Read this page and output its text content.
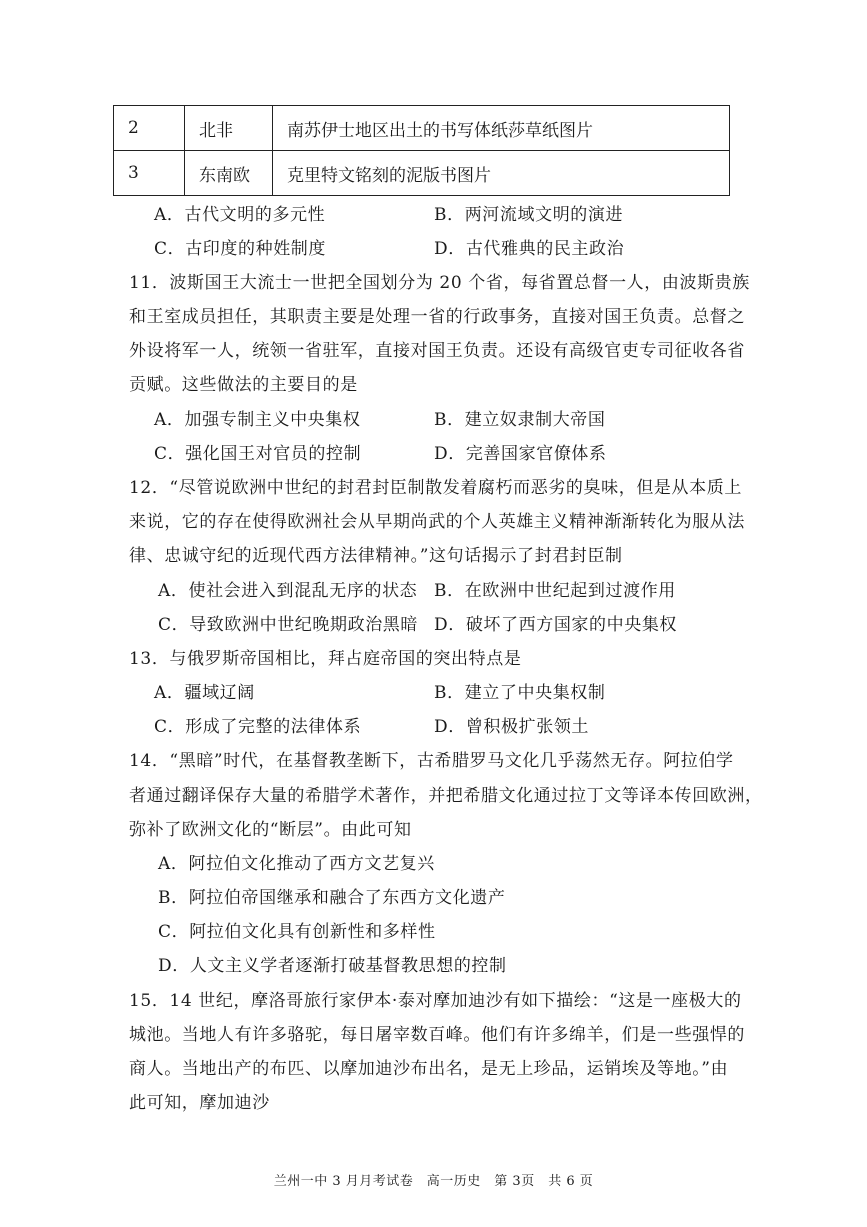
2	北非	南苏伊士地区出土的书写体纸莎草纸图片
3	东南欧	克里特文铭刻的泥版书图片
A．古代文明的多元性	B．两河流域文明的演进
C．古印度的种姓制度	D．古代雅典的民主政治
11．波斯国王大流士一世把全国划分为 20 个省，每省置总督一人，由波斯贵族
和王室成员担任，其职责主要是处理一省的行政事务，直接对国王负责。总督之
外设将军一人，统领一省驻军，直接对国王负责。还设有高级官吏专司征收各省
贡赋。这些做法的主要目的是
A．加强专制主义中央集权	B．建立奴隶制大帝国
C．强化国王对官员的控制	D．完善国家官僚体系
12．“尽管说欧洲中世纪的封君封臣制散发着腐朽而恶劣的臭味，但是从本质上
来说，它的存在使得欧洲社会从早期尚武的个人英雄主义精神渐渐转化为服从法
律、忠诚守纪的近现代西方法律精神。”这句话揭示了封君封臣制
A．使社会进入到混乱无序的状态 B．在欧洲中世纪起到过渡作用
C．导致欧洲中世纪晚期政治黑暗 D．破坏了西方国家的中央集权
13．与俄罗斯帝国相比，拜占庭帝国的突出特点是
A．疆域辽阔	B．建立了中央集权制
C．形成了完整的法律体系	D．曾积极扩张领土
14．“黑暗”时代，在基督教垄断下，古希腊罗马文化几乎荡然无存。阿拉伯学
者通过翻译保存大量的希腊学术著作，并把希腊文化通过拉丁文等译本传回欧洲，
弥补了欧洲文化的“断层”。由此可知
A．阿拉伯文化推动了西方文艺复兴
B．阿拉伯帝国继承和融合了东西方文化遗产
C．阿拉伯文化具有创新性和多样性
D．人文主义学者逐渐打破基督教思想的控制
15．14 世纪，摩洛哥旅行家伊本·泰对摩加迪沙有如下描绘：“这是一座极大的
城池。当地人有许多骆驼，每日屠宰数百峰。他们有许多绵羊，们是一些强悍的
商人。当地出产的布匹、以摩加迪沙布出名，是无上珍品，运销埃及等地。”由
此可知，摩加迪沙
兰州一中 3 月月考试卷　高一历史　第 3页　共 6 页
